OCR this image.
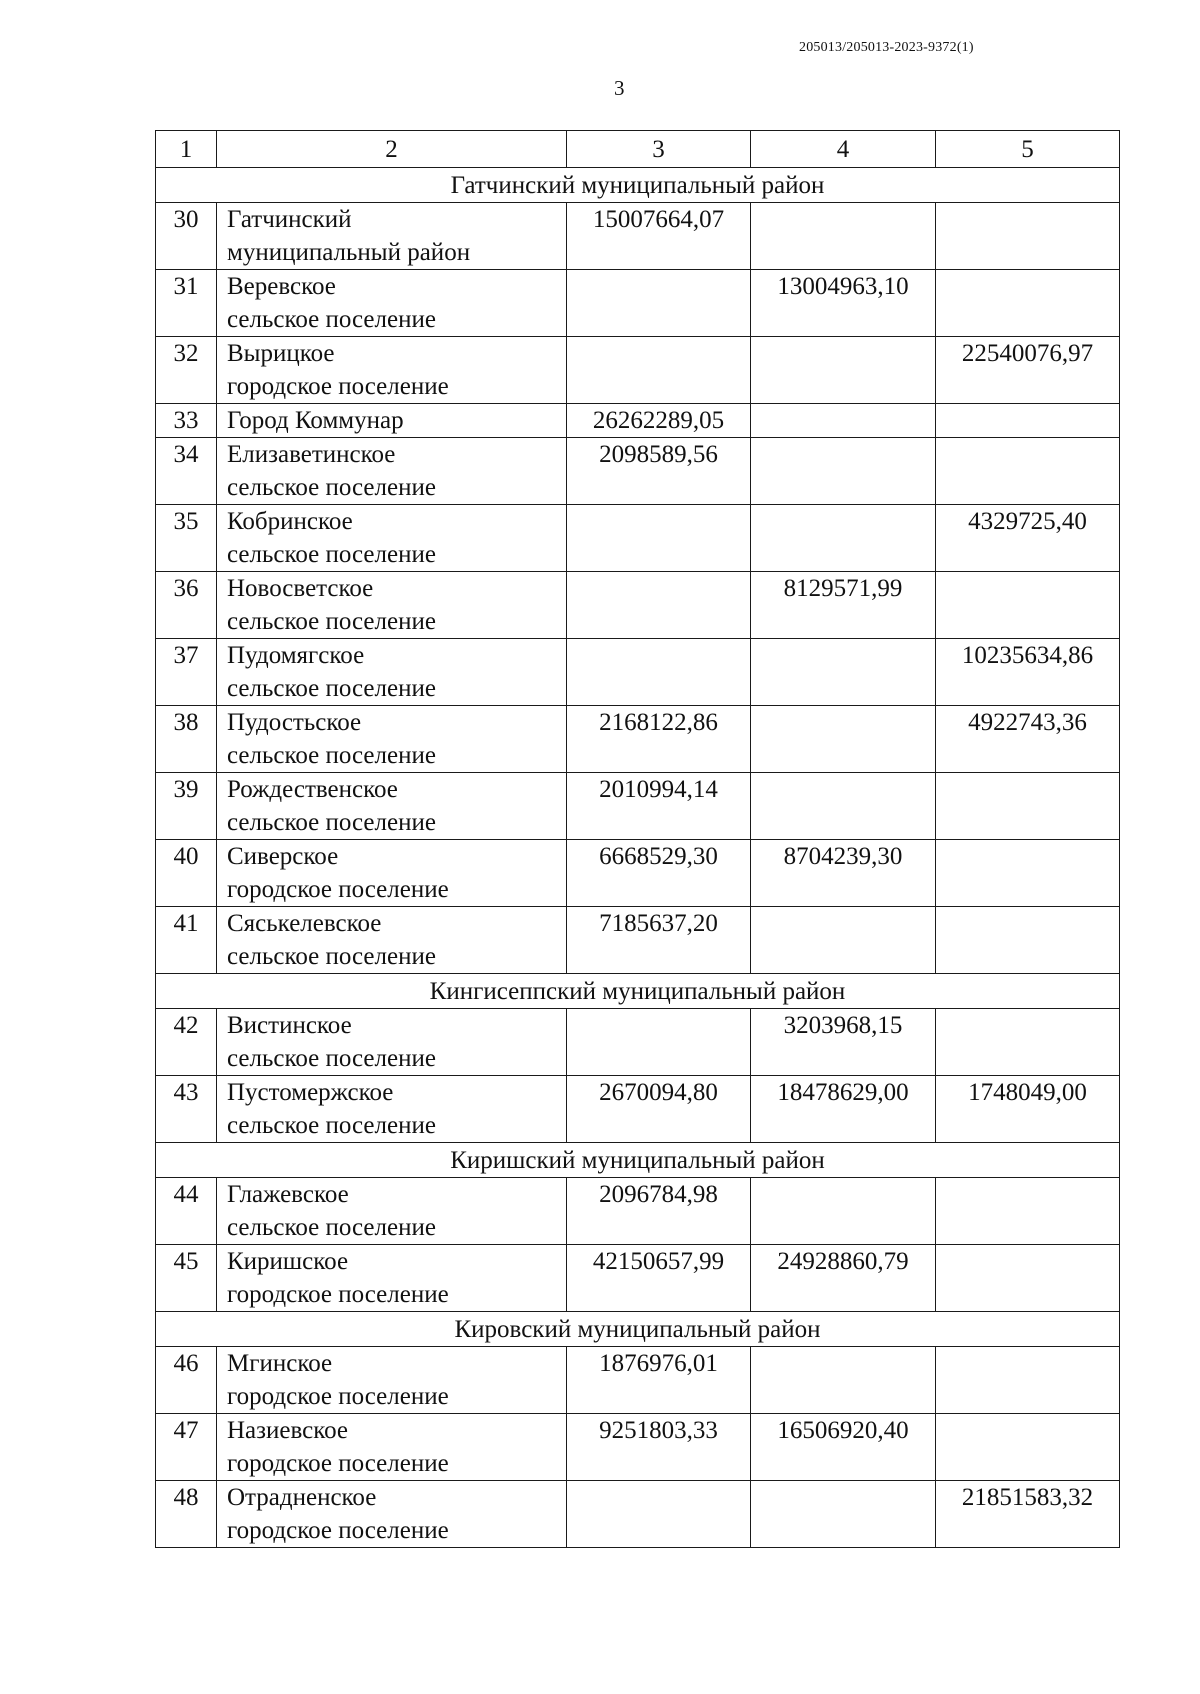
205013/205013-2023-9372(1)
3
1	2	3	4	5
Гатчинский муниципальный район				
30	Гатчинский
муниципальный район	15007664,07		
31	Веревское
сельское поселение		13004963,10	
32	Вырицкое
городское поселение			22540076,97
33	Город Коммунар	26262289,05		
34	Елизаветинское
сельское поселение	2098589,56		
35	Кобринское
сельское поселение			4329725,40
36	Новосветское
сельское поселение		8129571,99	
37	Пудомягское
сельское поселение			10235634,86
38	Пудостьское
сельское поселение	2168122,86		4922743,36
39	Рождественское
сельское поселение	2010994,14		
40	Сиверское
городское поселение	6668529,30	8704239,30	
41	Сяськелевское
сельское поселение	7185637,20		
Кингисеппский муниципальный район				
42	Вистинское
сельское поселение		3203968,15	
43	Пустомержское
сельское поселение	2670094,80	18478629,00	1748049,00
Киришский муниципальный район				
44	Глажевское
сельское поселение	2096784,98		
45	Киришское
городское поселение	42150657,99	24928860,79	
Кировский муниципальный район				
46	Мгинское
городское поселение	1876976,01		
47	Назиевское
городское поселение	9251803,33	16506920,40	
48	Отрадненское
городское поселение			21851583,32
